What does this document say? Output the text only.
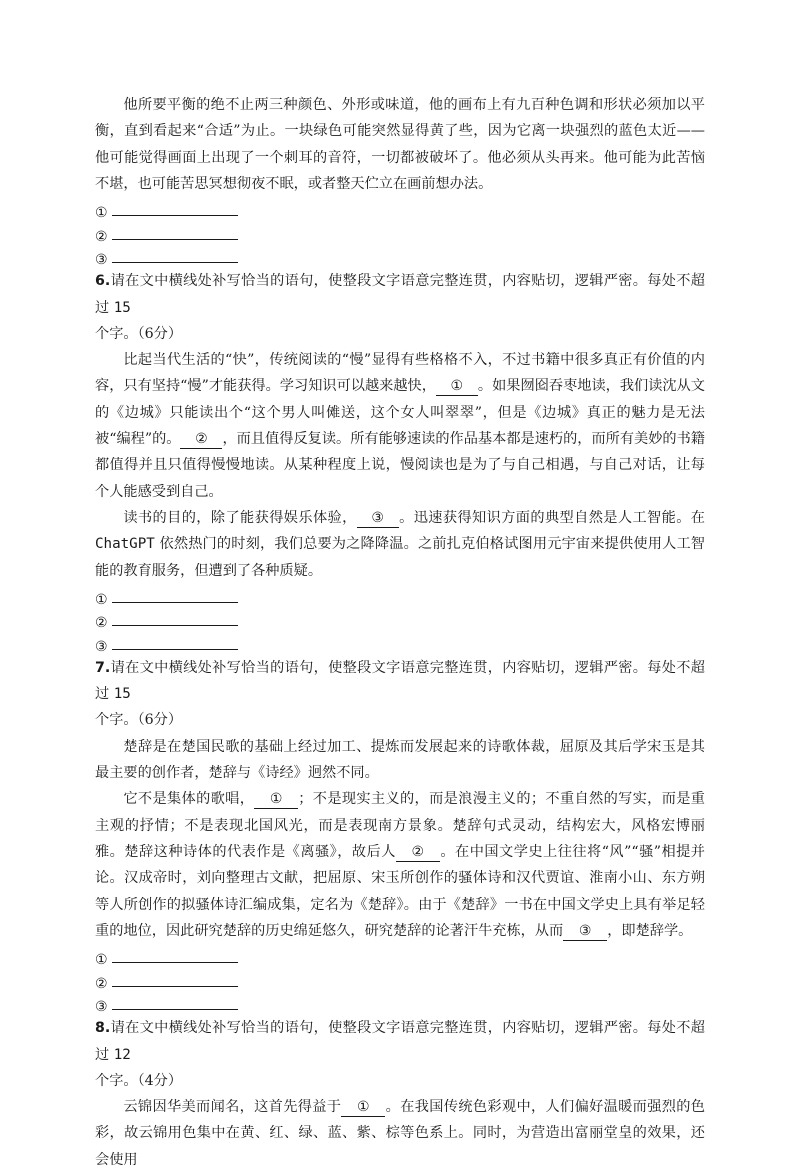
他所要平衡的绝不止两三种颜色、外形或味道，他的画布上有九百种色调和形状必须加以平衡，直到看起来“合适”为止。一块绿色可能突然显得黄了些，因为它离一块强烈的蓝色太近——他可能觉得画面上出现了一个刺耳的音符，一切都被破坏了。他必须从头再来。他可能为此苦恼不堪，也可能苦思冥想彻夜不眠，或者整天伫立在画前想办法。

①
②
③

6.请在文中横线处补写恰当的语句，使整段文字语意完整连贯，内容贴切，逻辑严密。每处不超过 15
个字。（6分）

比起当代生活的“快”，传统阅读的“慢”显得有些格格不入，不过书籍中很多真正有价值的内容，只有坚持“慢”才能获得。学习知识可以越来越快， ① 。如果囫囵吞枣地读，我们读沈从文的《边城》只能读出个“这个男人叫傩送，这个女人叫翠翠”，但是《边城》真正的魅力是无法被“编程”的。 ② ，而且值得反复读。所有能够速读的作品基本都是速朽的，而所有美妙的书籍都值得并且只值得慢慢地读。从某种程度上说，慢阅读也是为了与自己相遇，与自己对话，让每个人能感受到自己。

读书的目的，除了能获得娱乐体验， ③ 。迅速获得知识方面的典型自然是人工智能。在ChatGPT 依然热门的时刻，我们总要为之降降温。之前扎克伯格试图用元宇宙来提供使用人工智能的教育服务，但遭到了各种质疑。

①
②
③

7.请在文中横线处补写恰当的语句，使整段文字语意完整连贯，内容贴切，逻辑严密。每处不超过 15
个字。（6分）

楚辞是在楚国民歌的基础上经过加工、提炼而发展起来的诗歌体裁，屈原及其后学宋玉是其最主要的创作者，楚辞与《诗经》迥然不同。

它不是集体的歌唱， ① ；不是现实主义的，而是浪漫主义的；不重自然的写实，而是重主观的抒情；不是表现北国风光，而是表现南方景象。楚辞句式灵动，结构宏大，风格宏博丽雅。楚辞这种诗体的代表作是《离骚》，故后人 ② 。在中国文学史上往往将“风”“骚”相提并论。汉成帝时，刘向整理古文献，把屈原、宋玉所创作的骚体诗和汉代贾谊、淮南小山、东方朔等人所创作的拟骚体诗汇编成集，定名为《楚辞》。由于《楚辞》一书在中国文学史上具有举足轻重的地位，因此研究楚辞的历史绵延悠久，研究楚辞的论著汗牛充栋，从而 ③ ，即楚辞学。

①
②
③

8.请在文中横线处补写恰当的语句，使整段文字语意完整连贯，内容贴切，逻辑严密。每处不超过 12
个字。（4分）

云锦因华美而闻名，这首先得益于 ① 。在我国传统色彩观中，人们偏好温暖而强烈的色彩，故云锦用色集中在黄、红、绿、蓝、紫、棕等色系上。同时，为营造出富丽堂皇的效果，还会使用
